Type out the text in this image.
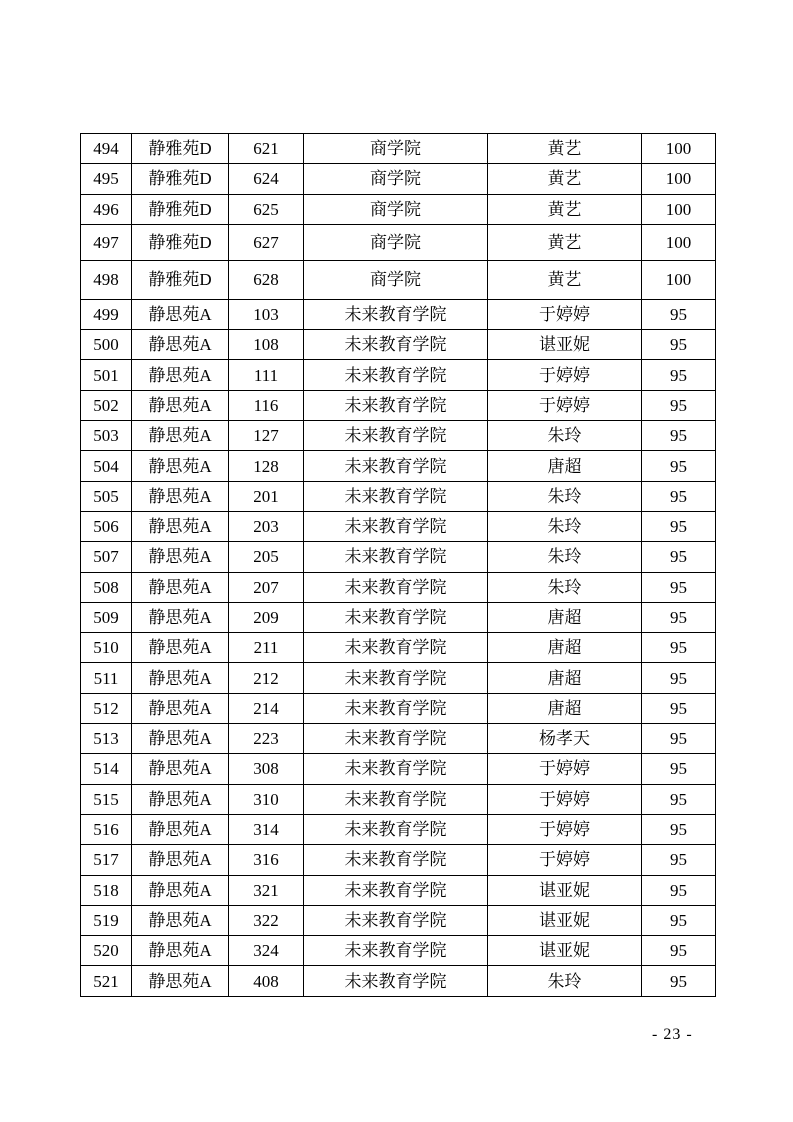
494	静雅苑D	621	商学院	黄艺	100
495	静雅苑D	624	商学院	黄艺	100
496	静雅苑D	625	商学院	黄艺	100
497	静雅苑D	627	商学院	黄艺	100
498	静雅苑D	628	商学院	黄艺	100
499	静思苑A	103	未来教育学院	于婷婷	95
500	静思苑A	108	未来教育学院	谌亚妮	95
501	静思苑A	111	未来教育学院	于婷婷	95
502	静思苑A	116	未来教育学院	于婷婷	95
503	静思苑A	127	未来教育学院	朱玲	95
504	静思苑A	128	未来教育学院	唐超	95
505	静思苑A	201	未来教育学院	朱玲	95
506	静思苑A	203	未来教育学院	朱玲	95
507	静思苑A	205	未来教育学院	朱玲	95
508	静思苑A	207	未来教育学院	朱玲	95
509	静思苑A	209	未来教育学院	唐超	95
510	静思苑A	211	未来教育学院	唐超	95
511	静思苑A	212	未来教育学院	唐超	95
512	静思苑A	214	未来教育学院	唐超	95
513	静思苑A	223	未来教育学院	杨孝天	95
514	静思苑A	308	未来教育学院	于婷婷	95
515	静思苑A	310	未来教育学院	于婷婷	95
516	静思苑A	314	未来教育学院	于婷婷	95
517	静思苑A	316	未来教育学院	于婷婷	95
518	静思苑A	321	未来教育学院	谌亚妮	95
519	静思苑A	322	未来教育学院	谌亚妮	95
520	静思苑A	324	未来教育学院	谌亚妮	95
521	静思苑A	408	未来教育学院	朱玲	95
- 23 -
